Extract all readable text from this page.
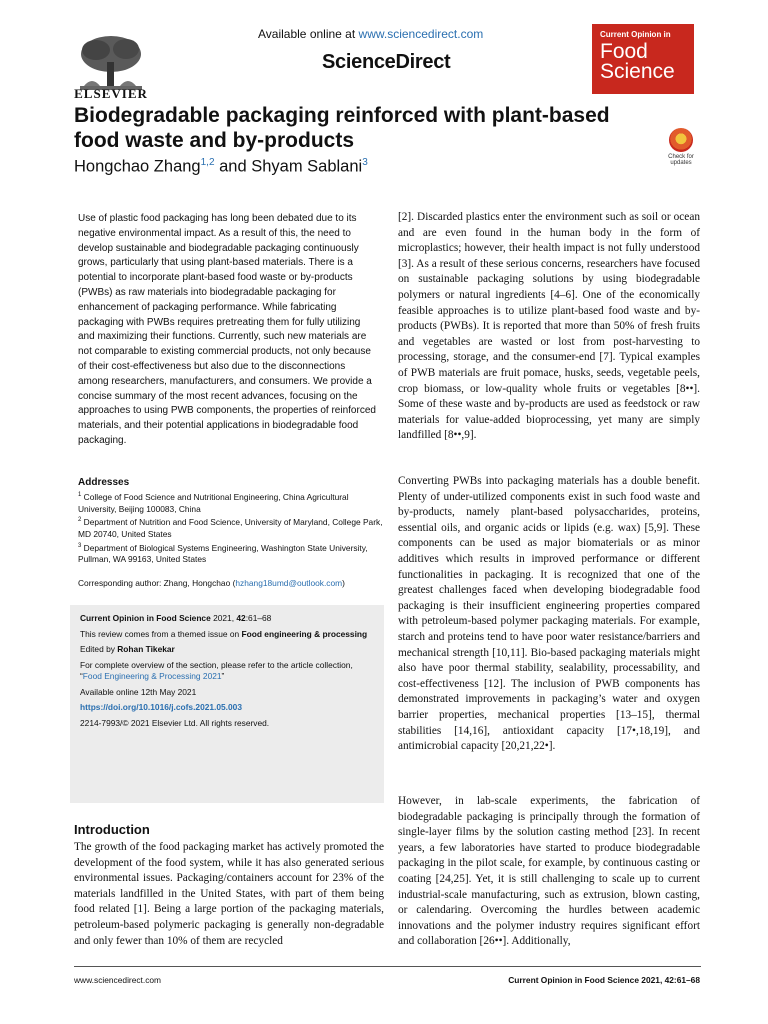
Available online at www.sciencedirect.com
ScienceDirect
ELSEVIER
Current Opinion in
Food
Science
Biodegradable packaging reinforced with plant-based food waste and by-products
Hongchao Zhang$^{1,2}$ and Shyam Sablani$^3$	Check for updates
Use of plastic food packaging has long been debated due to its negative environmental impact. As a result of this, the need to develop sustainable and biodegradable packaging continuously grows, particularly that using plant-based materials. There is a potential to incorporate plant-based food waste or by-products (PWBs) as raw materials into biodegradable packaging for enhancement of packaging performance. While fabricating packaging with PWBs requires pretreating them for fully utilizing and maximizing their functions. Currently, such new materials are not comparable to existing commercial products, not only because of their cost-effectiveness but also due to the disconnections among researchers, manufacturers, and consumers. We provide a concise summary of the most recent advances, focusing on the approaches to using PWB components, the properties of reinforced materials, and their potential applications in biodegradable food packaging.
Addresses
$^1$ College of Food Science and Nutritional Engineering, China Agricultural University, Beijing 100083, China
$^2$ Department of Nutrition and Food Science, University of Maryland, College Park, MD 20740, United States
$^3$ Department of Biological Systems Engineering, Washington State University, Pullman, WA 99163, United States
Corresponding author: Zhang, Hongchao (hzhang18umd@outlook.com)

Current Opinion in Food Science 2021, 42:61–68

This review comes from a themed issue on Food engineering & processing

Edited by Rohan Tikekar

For complete overview of the section, please refer to the article collection, “Food Engineering & Processing 2021”

Available online 12th May 2021

https://doi.org/10.1016/j.cofs.2021.05.003

2214-7993/© 2021 Elsevier Ltd. All rights reserved.

Introduction
The growth of the food packaging market has actively promoted the development of the food system, while it has also generated serious environmental issues. Packaging/containers account for 23% of the materials landfilled in the United States, with part of them being food related [1]. Being a large portion of the packaging materials, petroleum-based polymeric packaging is generally non-degradable and only fewer than 10% of them are recycled
[2]. Discarded plastics enter the environment such as soil or ocean and are even found in the human body in the form of microplastics; however, their health impact is not fully understood [3]. As a result of these serious concerns, researchers have focused on sustainable packaging solutions by using biodegradable polymers or natural ingredients [4–6]. One of the economically feasible approaches is to utilize plant-based food waste and by-products (PWBs). It is reported that more than 50% of fresh fruits and vegetables are wasted or lost from post-harvesting to processing, storage, and the consumer-end [7]. Typical examples of PWB materials are fruit pomace, husks, seeds, vegetable peels, crop biomass, or low-quality whole fruits or vegetables [8••]. Some of these waste and by-products are used as feedstock or raw materials for value-added bioprocessing, yet many are simply landfilled [8••,9].
Converting PWBs into packaging materials has a double benefit. Plenty of under-utilized components exist in such food waste and by-products, namely plant-based polysaccharides, proteins, essential oils, and organic acids or lipids (e.g. wax) [5,9]. These components can be used as major biomaterials or as minor additives which results in improved performance or different functionalities in packaging. It is recognized that one of the greatest challenges faced when developing biodegradable food packaging is their insufficient engineering properties compared with petroleum-based polymer packaging materials. For example, starch and proteins tend to have poor water resistance/barriers and mechanical strength [10,11]. Bio-based packaging materials might also have poor thermal stability, sealability, processability, and cost-effectiveness [12]. The inclusion of PWB components has demonstrated improvements in packaging’s water and oxygen barrier properties, mechanical properties [13–15], thermal stabilities [14,16], antioxidant capacity [17•,18,19], and antimicrobial capacity [20,21,22•].
However, in lab-scale experiments, the fabrication of biodegradable packaging is principally through the formation of single-layer films by the solution casting method [23]. In recent years, a few laboratories have started to produce biodegradable packaging in the pilot scale, for example, by continuous casting or coating [24,25]. Yet, it is still challenging to scale up to current industrial-scale manufacturing, such as extrusion, blown casting, or calendaring. Overcoming the hurdles between academic innovations and the polymer industry requires significant effort and collaboration [26••]. Additionally,
www.sciencedirect.com	Current Opinion in Food Science 2021, 42:61–68
